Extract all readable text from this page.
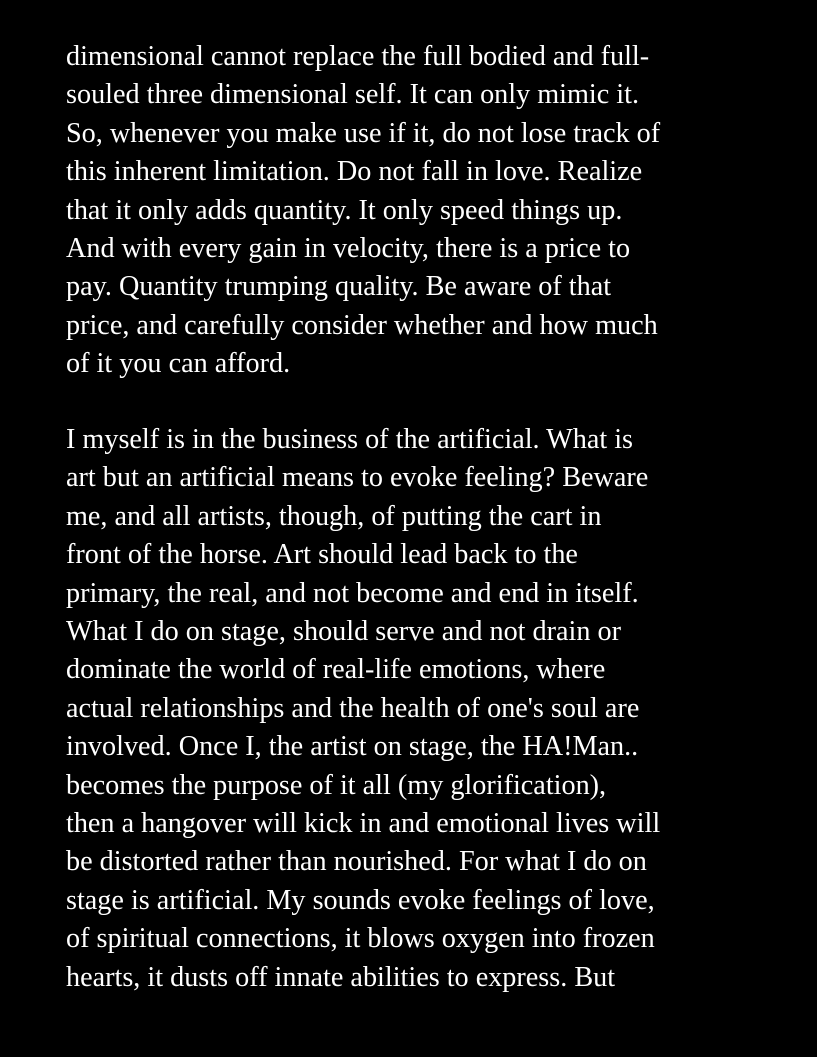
dimensional cannot replace the full bodied and full-
souled three dimensional self. It can only mimic it.
So, whenever you make use if it, do not lose track of
this inherent limitation. Do not fall in love. Realize
that it only adds quantity. It only speed things up.
And with every gain in velocity, there is a price to
pay. Quantity trumping quality. Be aware of that
price, and carefully consider whether and how much
of it you can afford.
I myself is in the business of the artificial. What is
art but an artificial means to evoke feeling? Beware
me, and all artists, though, of putting the cart in
front of the horse. Art should lead back to the
primary, the real, and not become and end in itself.
What I do on stage, should serve and not drain or
dominate the world of real-life emotions, where
actual relationships and the health of one's soul are
involved. Once I, the artist on stage, the HA!Man..
becomes the purpose of it all (my glorification),
then a hangover will kick in and emotional lives will
be distorted rather than nourished. For what I do on
stage is artificial. My sounds evoke feelings of love,
of spiritual connections, it blows oxygen into frozen
hearts, it dusts off innate abilities to express. But
